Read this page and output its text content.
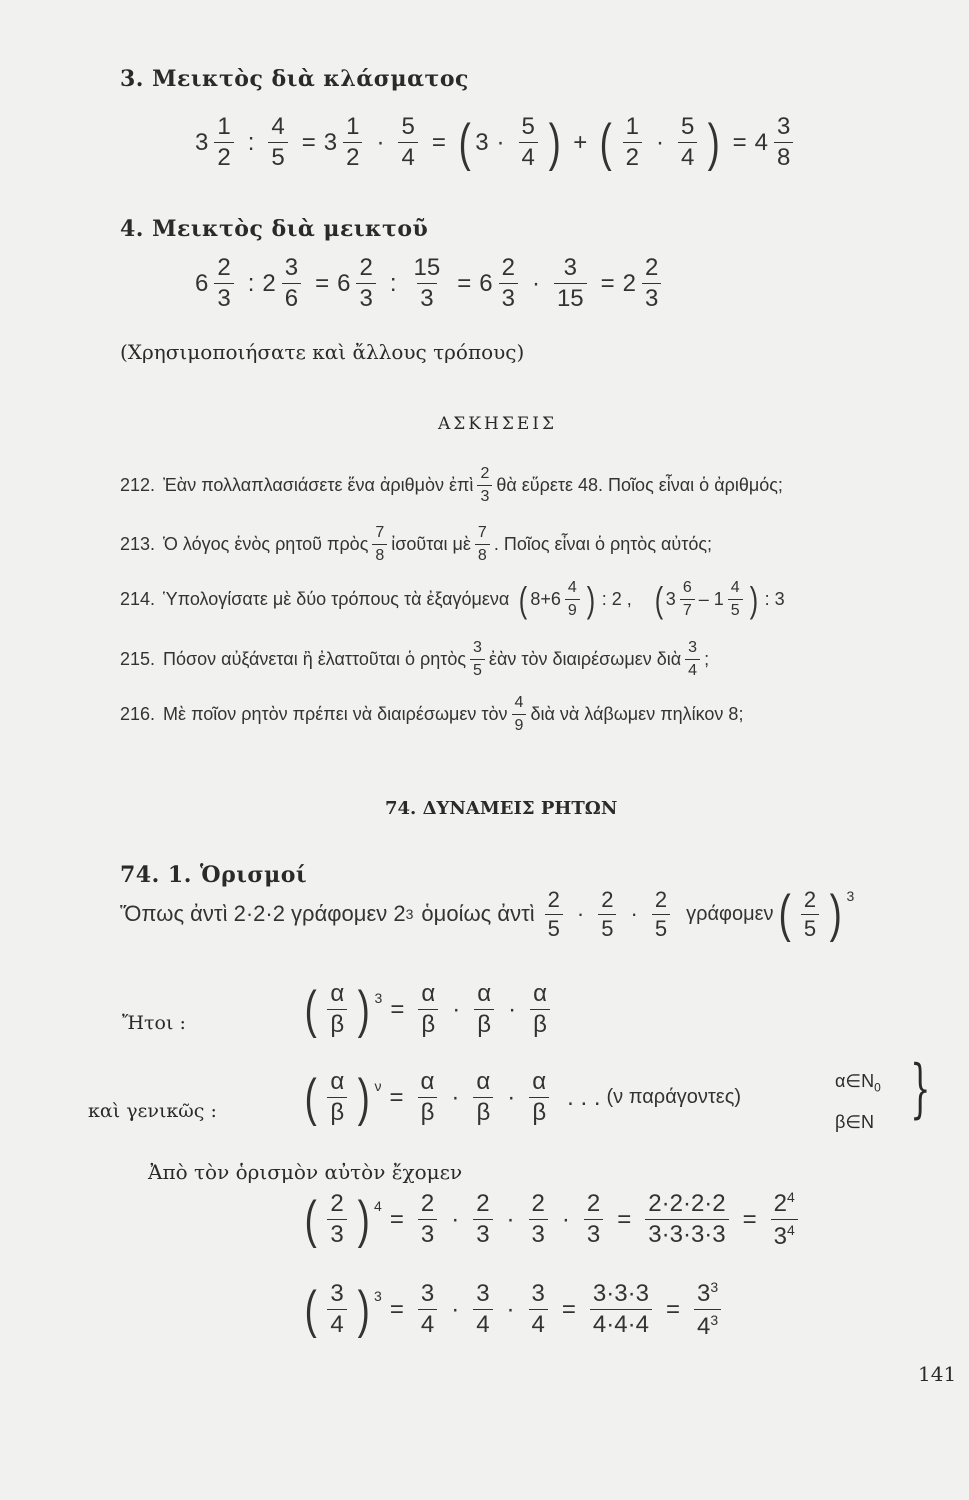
3. Μεικτὸς διὰ κλάσματος
3
1
2
: $\frac{4}{5} = 3 \frac{1}{2} \cdot \frac{5}{4}$ = ( 3 ·
5
4 ) + ( 1
2
·
5
4 ) = $4 \frac{3}{8}$
4. Μεικτὸς διὰ μεικτοῦ
6
2
3
: $2 \frac{3}{6} = 6 \frac{2}{3}$ : $\frac{15}{3} = 6 \frac{2}{3} \cdot \frac{3}{15} = 2 \frac{2}{3}$
(Χρησιμοποιήσατε καὶ ἄλλους τρόπους)
ΑΣΚΗΣΕΙΣ
212. Ἐὰν πολλαπλασιάσετε ἕνα ἀριθμὸν ἐπὶ
2
3
θὰ εὕρετε 48. Ποῖος εἶναι ὁ ἀριθμός;
213. Ὁ λόγος ἑνὸς ρητοῦ πρὸς
7
8
ἰσοῦται μὲ
7
8
. Ποῖος εἶναι ὁ ρητὸς αὐτός;
214. Ὑπολογίσατε μὲ δύο τρόπους τὰ ἐξαγόμενα ( 8+6
4
9 ) : 2 , ( 3
6
7
– 1
4
5 ) : 3
215. Πόσον αὐξάνεται ἢ ἐλαττοῦται ὁ ρητὸς
3
5
ἐὰν τὸν διαιρέσωμεν διὰ
3
4
;
216. Μὲ ποῖον ρητὸν πρέπει νὰ διαιρέσωμεν τὸν
4
9
διὰ νὰ λάβωμεν πηλίκον 8;
74. ΔΥΝΑΜΕΙΣ ΡΗΤΩΝ
74. 1. Ὁρισμοί
Ὅπως ἀντὶ 2·2·2 γράφομεν 2 3 ὁμοίως ἀντὶ
2
5
·
2
5
·
2
5
γράφομεν ( 2
5 ) $^3$
Ἤτοι : ( α
β ) $^3 = \frac{\alpha}{\beta}$ ·
α
β
·
α
β
καὶ γενικῶς : ( α
β ) $^\nu = \frac{\alpha}{\beta}$ ·
α
β
·
α
β
. . . (ν παράγοντες)
$\alpha\in N_0$
β∈N }
Ἀπὸ τὸν ὁρισμὸν αὐτὸν ἔχομεν
( 2
3 ) $^4 = \frac{2}{3}$ ·
2
3
·
2
3
· $\frac{2}{3} = \frac{2\cdot 2\cdot 2\cdot 2}{3\cdot 3\cdot 3\cdot 3} = \frac{2^4}{3^4}$
( 3
4 ) $^3 = \frac{3}{4}$ ·
3
4
· $\frac{3}{4} = \frac{3\cdot 3\cdot 3}{4\cdot 4\cdot 4} = \frac{3^3}{4^3}$
141
